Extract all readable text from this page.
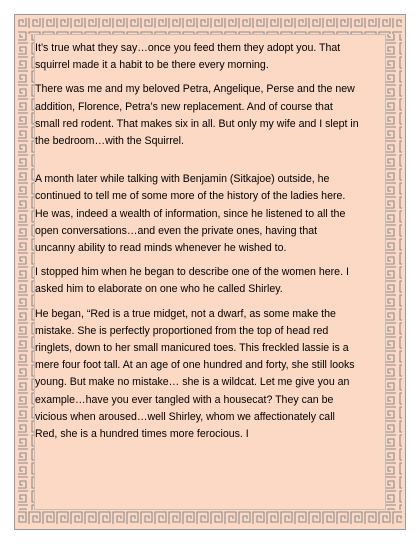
It’s true what they say…once you feed them they adopt you. That squirrel made it a habit to be there every morning.

There was me and my beloved Petra, Angelique, Perse and the new addition, Florence, Petra’s new replacement. And of course that small red rodent. That makes six in all. But only my wife and I slept in the bedroom…with the Squirrel.

A month later while talking with Benjamin (Sitkajoe) outside, he continued to tell me of some more of the history of the ladies here. He was, indeed a wealth of information, since he listened to all the open conversations…and even the private ones, having that uncanny ability to read minds whenever he wished to.

I stopped him when he began to describe one of the women here. I asked him to elaborate on one who he called Shirley.

He began, “Red is a true midget, not a dwarf, as some make the mistake. She is perfectly proportioned from the top of head red ringlets, down to her small manicured toes. This freckled lassie is a mere four foot tall. At an age of one hundred and forty, she still looks young. But make no mistake… she is a wildcat. Let me give you an example…have you ever tangled with a housecat? They can be vicious when aroused…well Shirley, whom we affectionately call Red, she is a hundred times more ferocious. I
